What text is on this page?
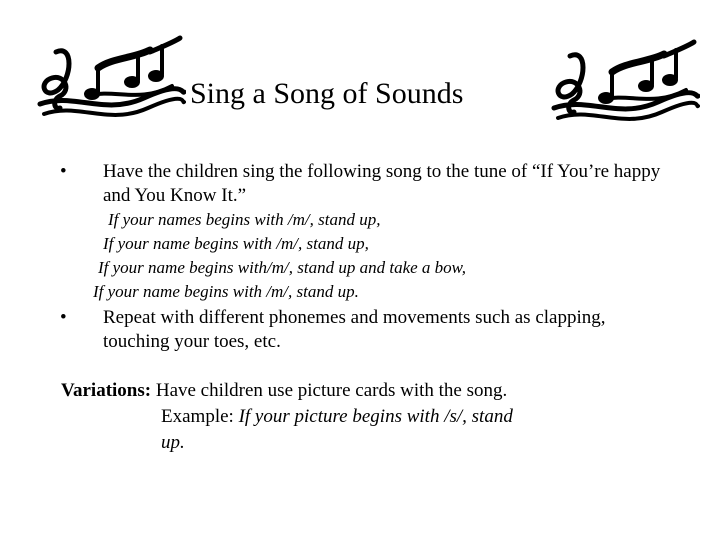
Sing a Song of Sounds
• Have the children sing the following song to the tune of “If You’re happy and You Know It.”
If your names begins with /m/, stand up,
If your name begins with /m/, stand up,
If your name begins with/m/, stand up and take a bow,
If your name begins with /m/, stand up.
• Repeat with different phonemes and movements such as clapping, touching your toes, etc.
Variations: Have children use picture cards with the song.
Example: If your picture begins with /s/, stand up.
